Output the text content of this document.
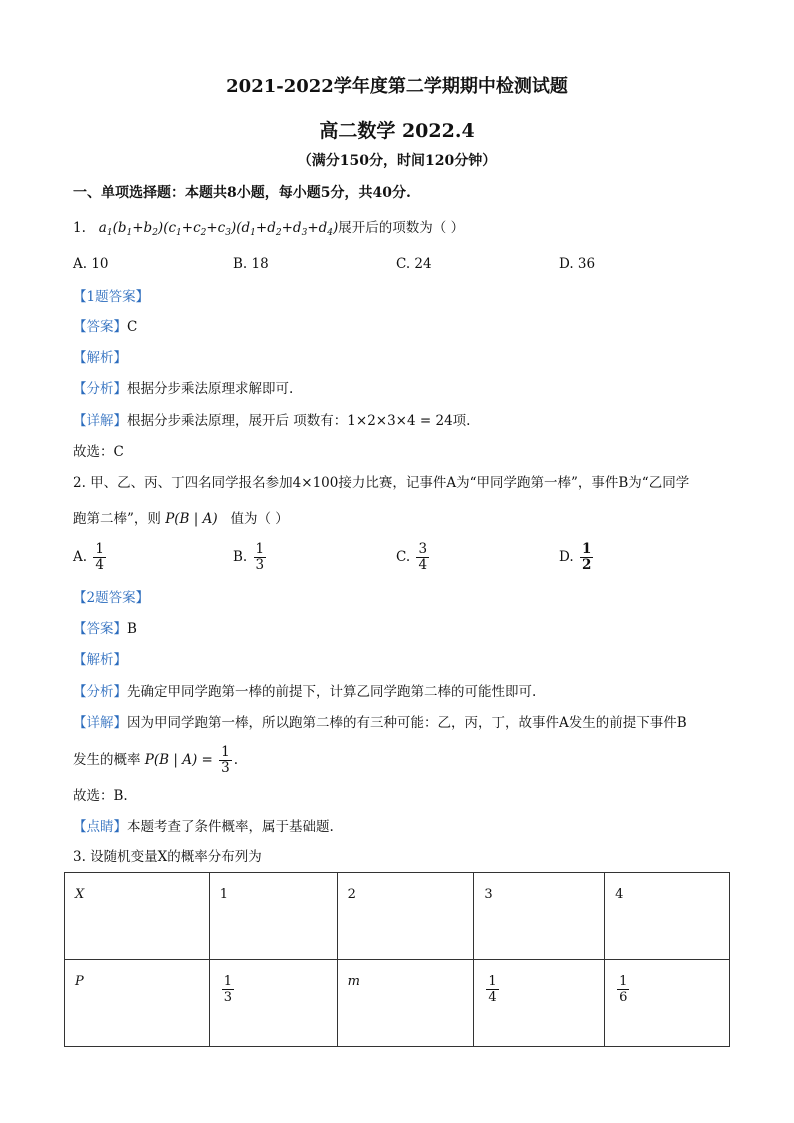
2021-2022学年度第二学期期中检测试题
高二数学 2022.4
（满分150分，时间120分钟）
一、单项选择题：本题共8小题，每小题5分，共40分.
1.   $a_1(b_1+b_2)(c_1+c_2+c_3)(d_1+d_2+d_3+d_4)$展开后的项数为（ ）
A. 10	B. 18	C. 24	D. 36
【1题答案】
【答案】C
【解析】
【分析】根据分步乘法原理求解即可.
【详解】根据分步乘法原理，展开后 项数有：1×2×3×4 = 24项.
故选：C
2. 甲、乙、丙、丁四名同学报名参加4×100接力比赛，记事件A为“甲同学跑第一棒”，事件B为“乙同学
跑第二棒”，则 P(B | A) 值为（ ）
A. $\frac{1}{4}$	B. $\frac{1}{3}$	C. $\frac{3}{4}$	D. $\frac{1}{2}$
【2题答案】
【答案】B
【解析】
【分析】先确定甲同学跑第一棒的前提下，计算乙同学跑第二棒的可能性即可.
【详解】因为甲同学跑第一棒，所以跑第二棒的有三种可能：乙，丙，丁，故事件A发生的前提下事件B
发生的概率 P(B | $A) = \frac{1}{3}$ .
故选：B.
【点睛】本题考查了条件概率，属于基础题.
3. 设随机变量X的概率分布列为
X	1	2	3	4
P	$\frac{1}{3}$	m	$\frac{1}{4}$	$\frac{1}{6}$
